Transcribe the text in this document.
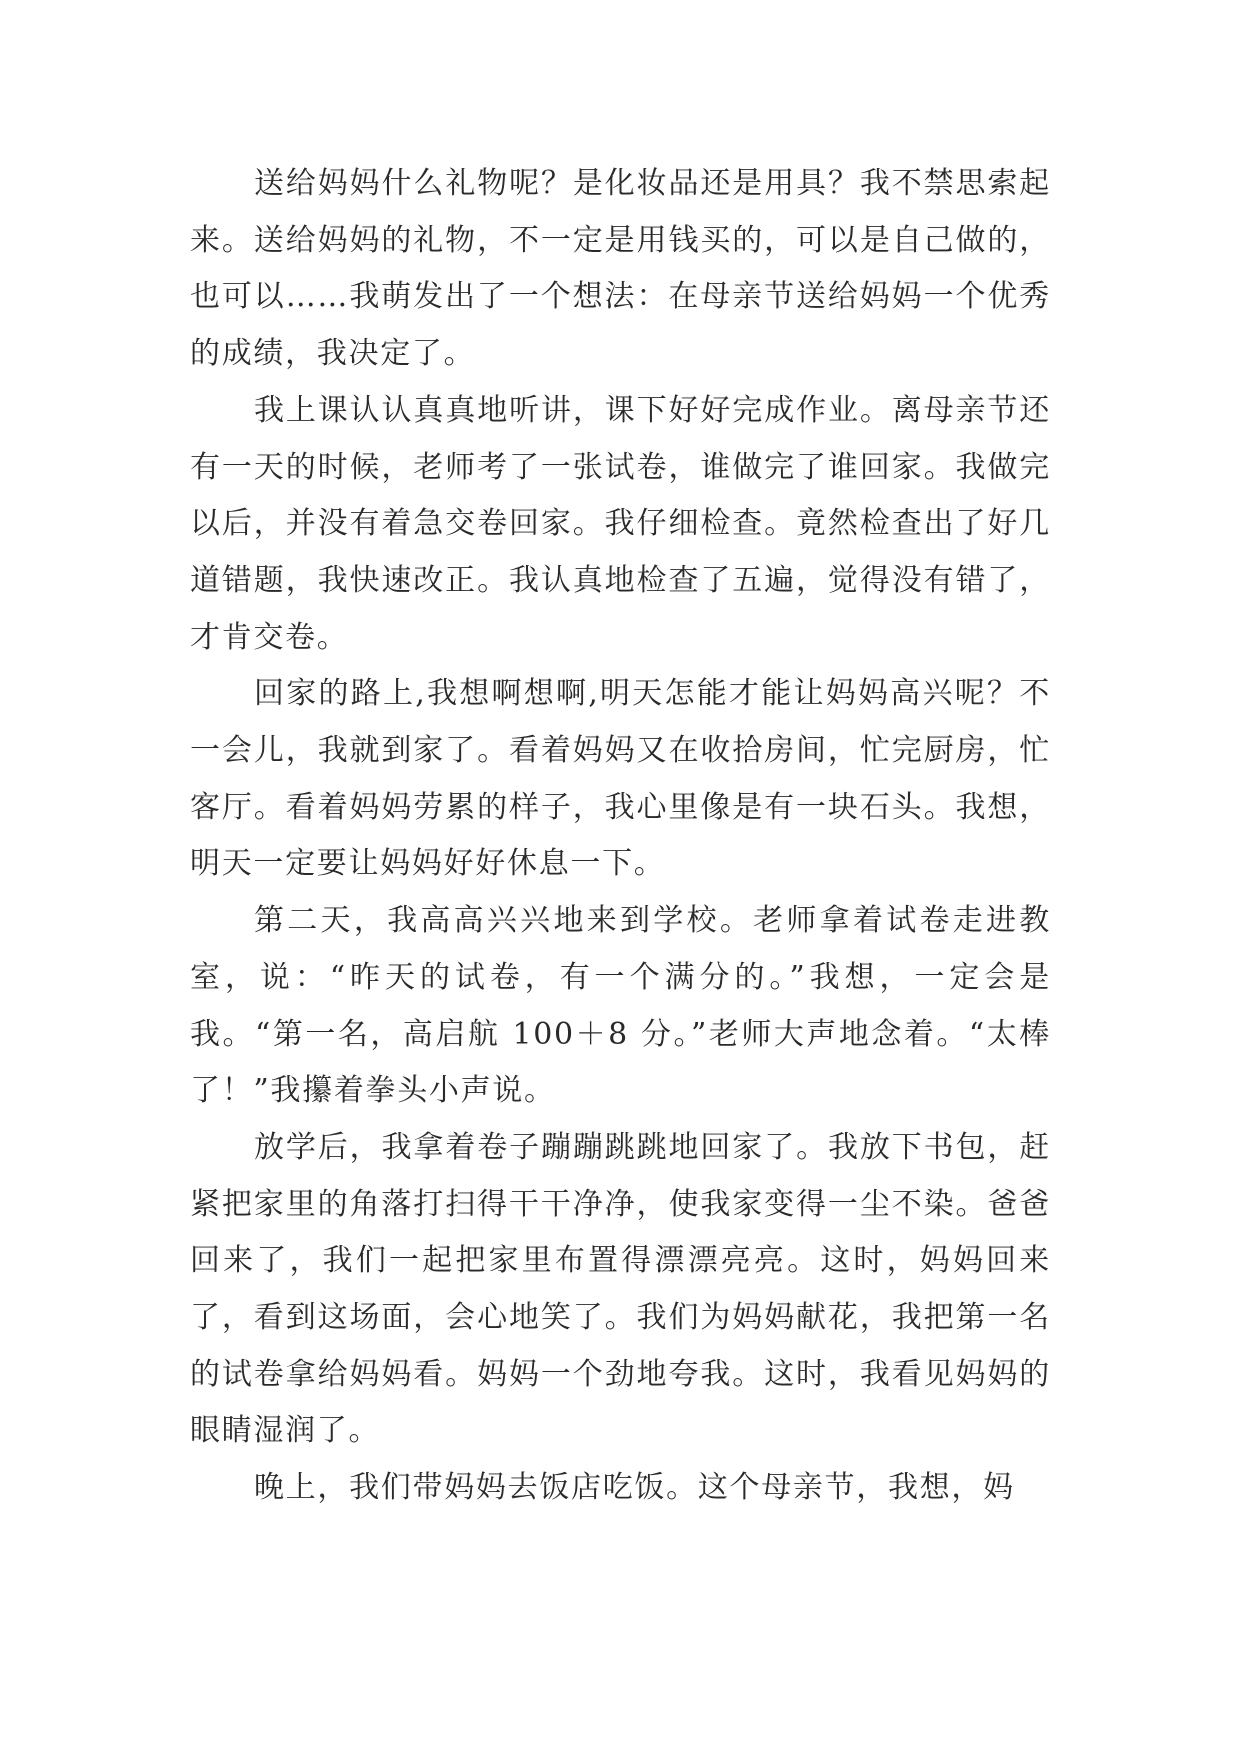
送给妈妈什么礼物呢？是化妆品还是用具？我不禁思索起来。送给妈妈的礼物，不一定是用钱买的，可以是自己做的，也可以……我萌发出了一个想法：在母亲节送给妈妈一个优秀的成绩，我决定了。

我上课认认真真地听讲，课下好好完成作业。离母亲节还有一天的时候，老师考了一张试卷，谁做完了谁回家。我做完以后，并没有着急交卷回家。我仔细检查。竟然检查出了好几道错题，我快速改正。我认真地检查了五遍，觉得没有错了，才肯交卷。

回家的路上,我想啊想啊,明天怎能才能让妈妈高兴呢？不一会儿，我就到家了。看着妈妈又在收拾房间，忙完厨房，忙客厅。看着妈妈劳累的样子，我心里像是有一块石头。我想，明天一定要让妈妈好好休息一下。

第二天，我高高兴兴地来到学校。老师拿着试卷走进教室，说：“昨天的试卷，有一个满分的。”我想，一定会是我。“第一名，高启航 100＋8 分。”老师大声地念着。“太棒了！”我攥着拳头小声说。

放学后，我拿着卷子蹦蹦跳跳地回家了。我放下书包，赶紧把家里的角落打扫得干干净净，使我家变得一尘不染。爸爸回来了，我们一起把家里布置得漂漂亮亮。这时，妈妈回来了，看到这场面，会心地笑了。我们为妈妈献花，我把第一名的试卷拿给妈妈看。妈妈一个劲地夸我。这时，我看见妈妈的眼睛湿润了。

晚上，我们带妈妈去饭店吃饭。这个母亲节，我想，妈
